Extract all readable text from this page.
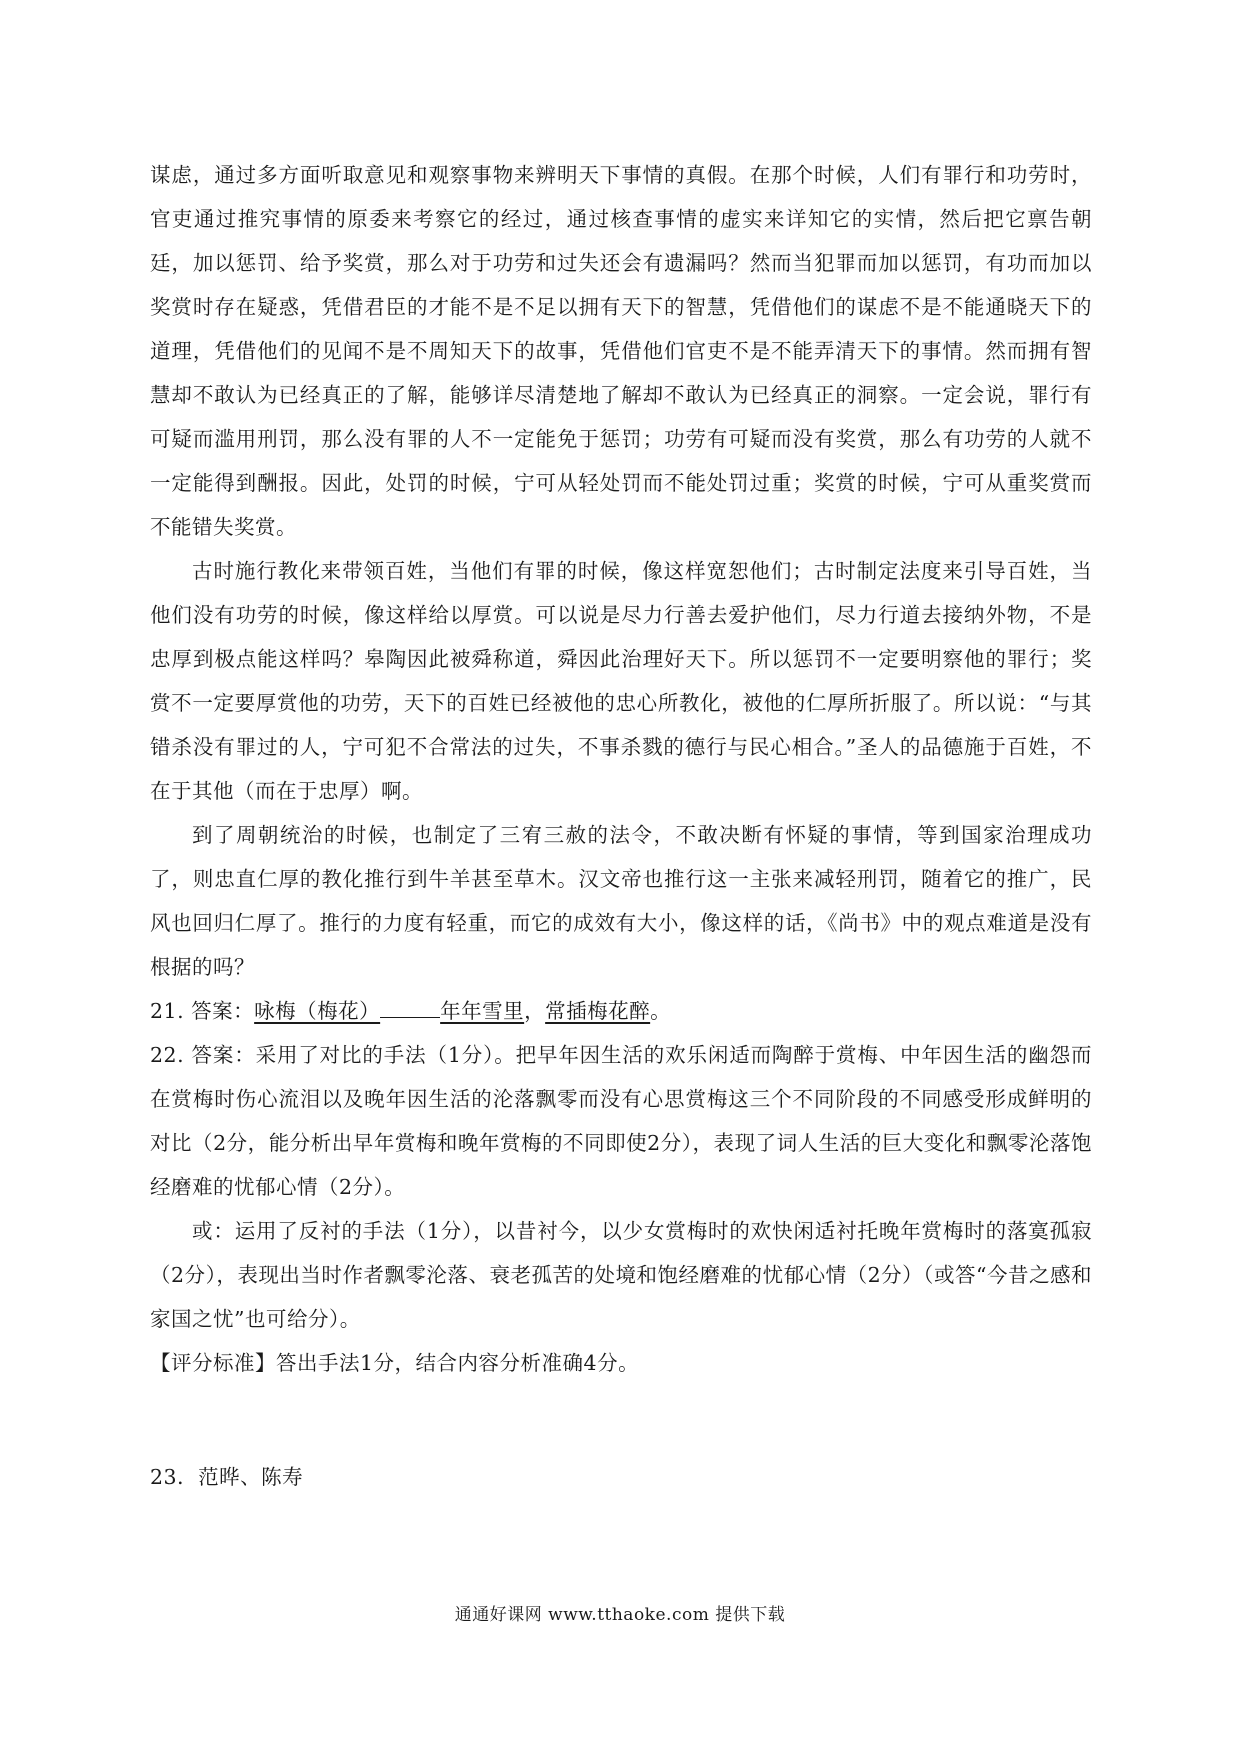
谋虑，通过多方面听取意见和观察事物来辨明天下事情的真假。在那个时候，人们有罪行和功劳时，官吏通过推究事情的原委来考察它的经过，通过核查事情的虚实来详知它的实情，然后把它禀告朝廷，加以惩罚、给予奖赏，那么对于功劳和过失还会有遗漏吗？然而当犯罪而加以惩罚，有功而加以奖赏时存在疑惑，凭借君臣的才能不是不足以拥有天下的智慧，凭借他们的谋虑不是不能通晓天下的道理，凭借他们的见闻不是不周知天下的故事，凭借他们官吏不是不能弄清天下的事情。然而拥有智慧却不敢认为已经真正的了解，能够详尽清楚地了解却不敢认为已经真正的洞察。一定会说，罪行有可疑而滥用刑罚，那么没有罪的人不一定能免于惩罚；功劳有可疑而没有奖赏，那么有功劳的人就不一定能得到酬报。因此，处罚的时候，宁可从轻处罚而不能处罚过重；奖赏的时候，宁可从重奖赏而不能错失奖赏。

古时施行教化来带领百姓，当他们有罪的时候，像这样宽恕他们；古时制定法度来引导百姓，当他们没有功劳的时候，像这样给以厚赏。可以说是尽力行善去爱护他们，尽力行道去接纳外物，不是忠厚到极点能这样吗？皋陶因此被舜称道，舜因此治理好天下。所以惩罚不一定要明察他的罪行；奖赏不一定要厚赏他的功劳，天下的百姓已经被他的忠心所教化，被他的仁厚所折服了。所以说：“与其错杀没有罪过的人，宁可犯不合常法的过失，不事杀戮的德行与民心相合。”圣人的品德施于百姓，不在于其他（而在于忠厚）啊。

到了周朝统治的时候，也制定了三宥三赦的法令，不敢决断有怀疑的事情，等到国家治理成功了，则忠直仁厚的教化推行到牛羊甚至草木。汉文帝也推行这一主张来减轻刑罚，随着它的推广，民风也回归仁厚了。推行的力度有轻重，而它的成效有大小，像这样的话，《尚书》中的观点难道是没有根据的吗？

21. 答案：咏梅（梅花）	年年雪里，常插梅花醉。

22. 答案：采用了对比的手法（1分）。把早年因生活的欢乐闲适而陶醉于赏梅、中年因生活的幽怨而在赏梅时伤心流泪以及晚年因生活的沦落飘零而没有心思赏梅这三个不同阶段的不同感受形成鲜明的对比（2分，能分析出早年赏梅和晚年赏梅的不同即使2分），表现了词人生活的巨大变化和飘零沦落饱经磨难的忧郁心情（2分）。

或：运用了反衬的手法（1分），以昔衬今，以少女赏梅时的欢快闲适衬托晚年赏梅时的落寞孤寂（2分），表现出当时作者飘零沦落、衰老孤苦的处境和饱经磨难的忧郁心情（2分）（或答“今昔之感和家国之忧”也可给分）。

【评分标准】答出手法1分，结合内容分析准确4分。

23．范晔、陈寿

通通好课网 www.tthaoke.com 提供下载
